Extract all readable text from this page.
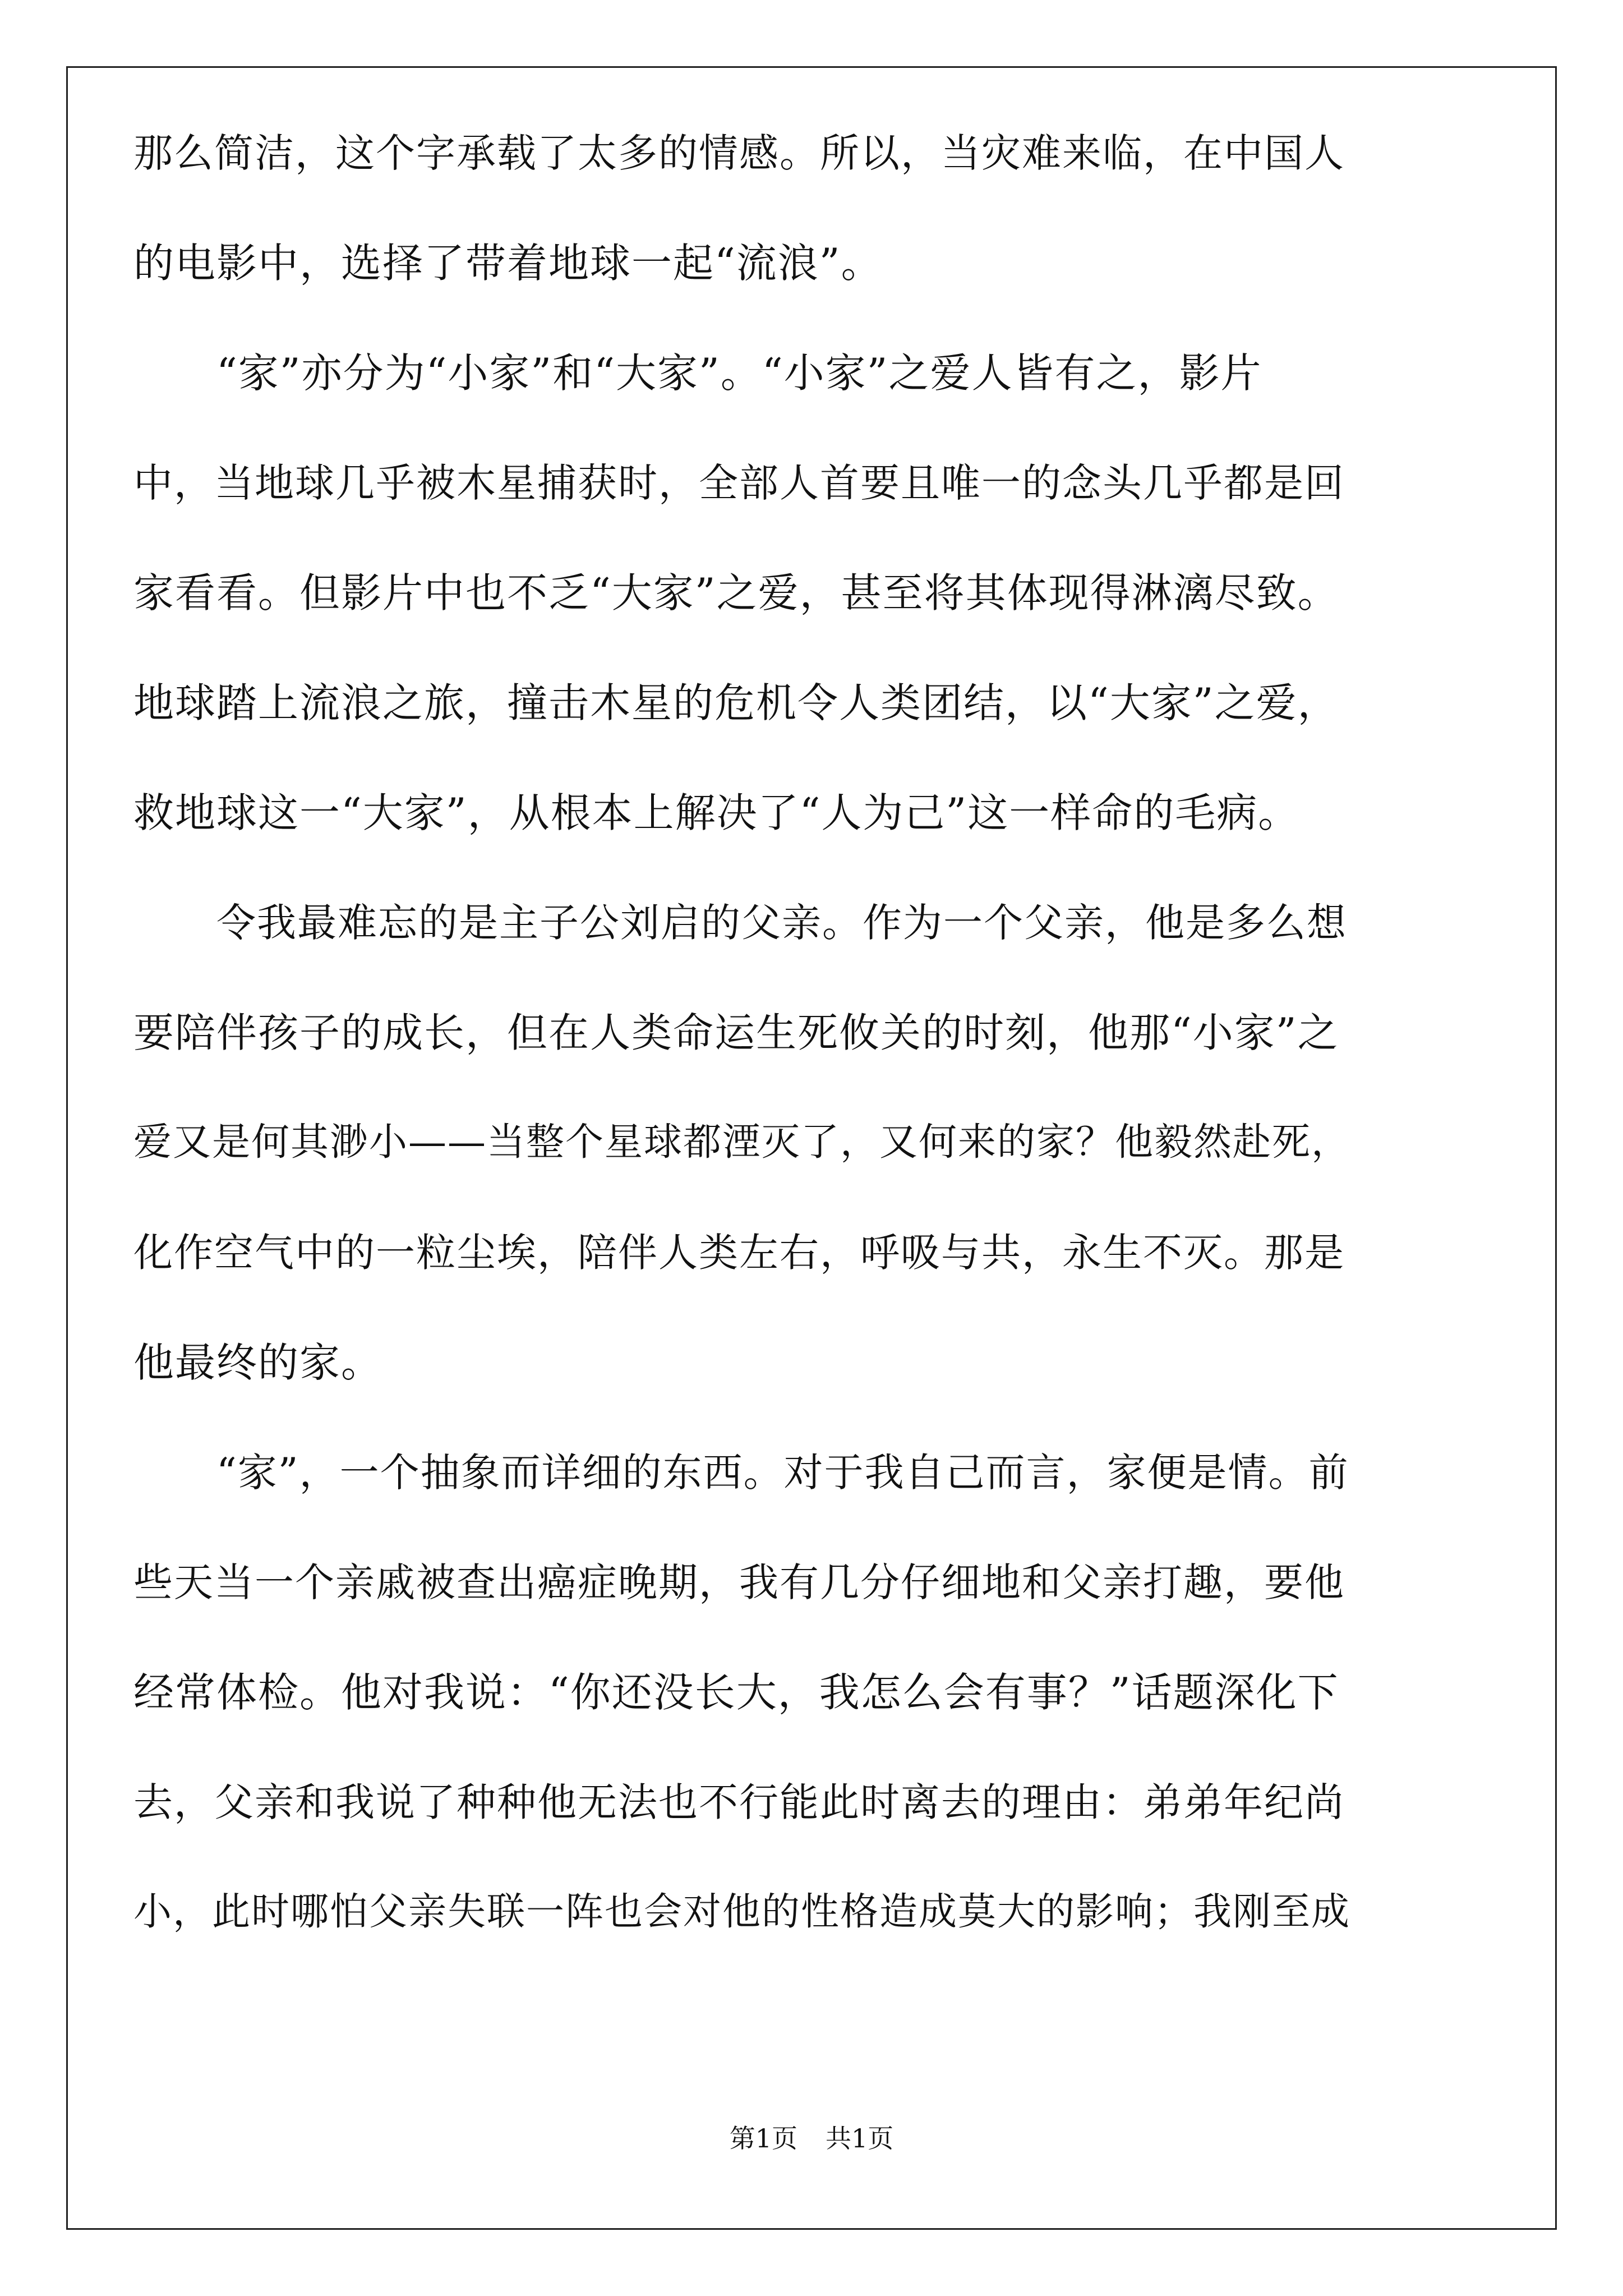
那么简洁，这个字承载了太多的情感。所以，当灾难来临，在中国人
的电影中，选择了带着地球一起“流浪”。
“家”亦分为“小家”和“大家”。“小家”之爱人皆有之，影片
中，当地球几乎被木星捕获时，全部人首要且唯一的念头几乎都是回
家看看。但影片中也不乏“大家”之爱，甚至将其体现得淋漓尽致。
地球踏上流浪之旅，撞击木星的危机令人类团结，以“大家”之爱，
救地球这一“大家”，从根本上解决了“人为己”这一样命的毛病。
令我最难忘的是主子公刘启的父亲。作为一个父亲，他是多么想
要陪伴孩子的成长，但在人类命运生死攸关的时刻，他那“小家”之
爱又是何其渺小——当整个星球都湮灭了，又何来的家？他毅然赴死，
化作空气中的一粒尘埃，陪伴人类左右，呼吸与共，永生不灭。那是
他最终的家。
“家”，一个抽象而详细的东西。对于我自己而言，家便是情。前
些天当一个亲戚被查出癌症晚期，我有几分仔细地和父亲打趣，要他
经常体检。他对我说：“你还没长大，我怎么会有事？”话题深化下
去，父亲和我说了种种他无法也不行能此时离去的理由：弟弟年纪尚
小，此时哪怕父亲失联一阵也会对他的性格造成莫大的影响；我刚至成

第1页 共1页
